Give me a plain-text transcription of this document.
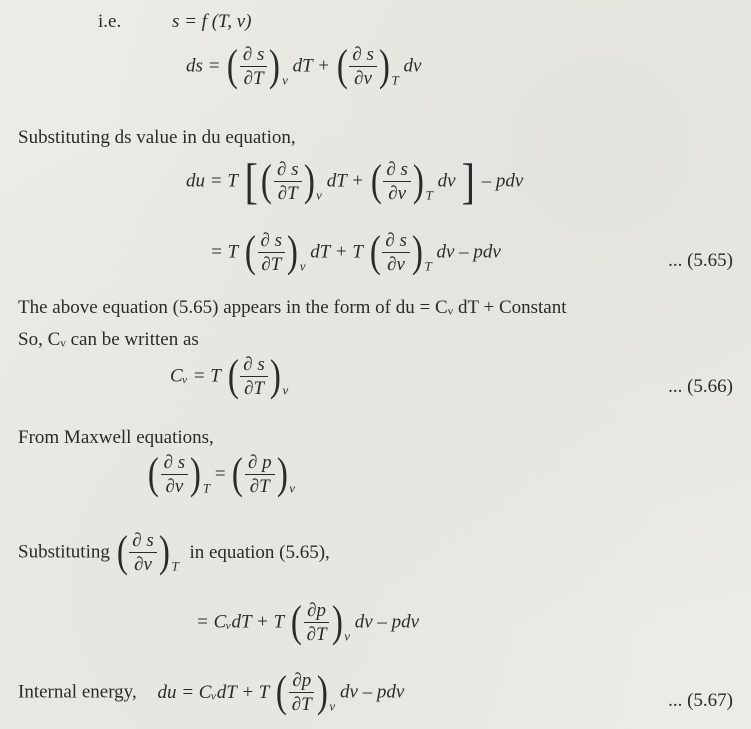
i.e.	s = f (T, v)
ds = ( $\frac{\partial s}{\partial T}$ ) $_v$ dT + ( $\frac{\partial s}{\partial v}$ ) $_T$ dv
Substituting ds value in du equation,
du = T [( $\frac{\partial s}{\partial T}$ ) $_v$ dT + ( $\frac{\partial s}{\partial v}$ ) $_T$ dv ] – pdv
= T ( $\frac{\partial s}{\partial T}$ ) $_v$ dT + T ( $\frac{\partial s}{\partial v}$ ) $_T$ dv – pdv	... (5.65)
The above equation (5.65) appears in the form of du = Cᵥ dT + Constant
So, Cᵥ can be written as
Cᵥ = T ( $\frac{\partial s}{\partial T}$ ) $_v$	... (5.66)
From Maxwell equations,
( $\frac{\partial s}{\partial v}$ ) $_T$ = ( $\frac{\partial p}{\partial T}$ ) $_v$
Substituting ( $\frac{\partial s}{\partial v}$ ) $_T$ in equation (5.65),
= CᵥdT + T ( $\frac{\partial p}{\partial T}$ ) $_v$ dv – pdv
Internal energy, du = CᵥdT + T ( $\frac{\partial p}{\partial T}$ ) $_v$ dv – pdv	... (5.67)
